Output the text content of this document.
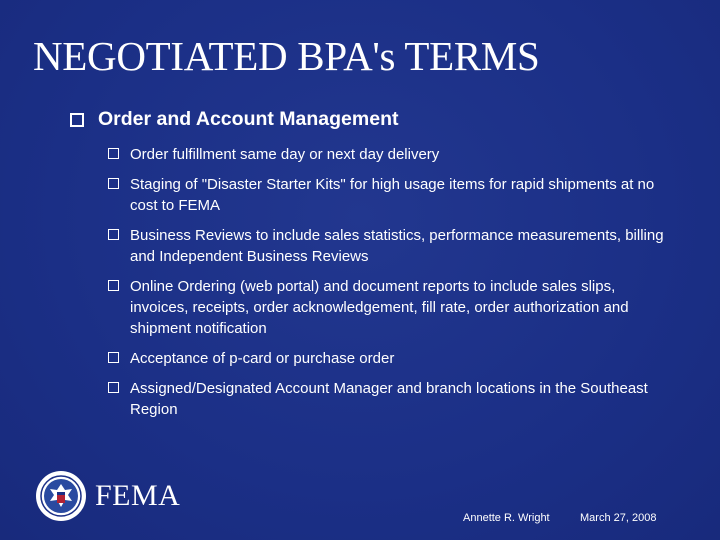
NEGOTIATED BPA's TERMS
Order and Account Management
Order fulfillment same day or next day delivery
Staging of "Disaster Starter Kits" for high usage items for rapid shipments at no cost to FEMA
Business Reviews to include sales statistics, performance measurements, billing and Independent Business Reviews
Online Ordering (web portal) and document reports to include sales slips, invoices, receipts, order acknowledgement, fill rate, order authorization and shipment notification
Acceptance of p-card or purchase order
Assigned/Designated Account Manager and branch locations in the Southeast Region
FEMA
Annette R. Wright	March 27, 2008
